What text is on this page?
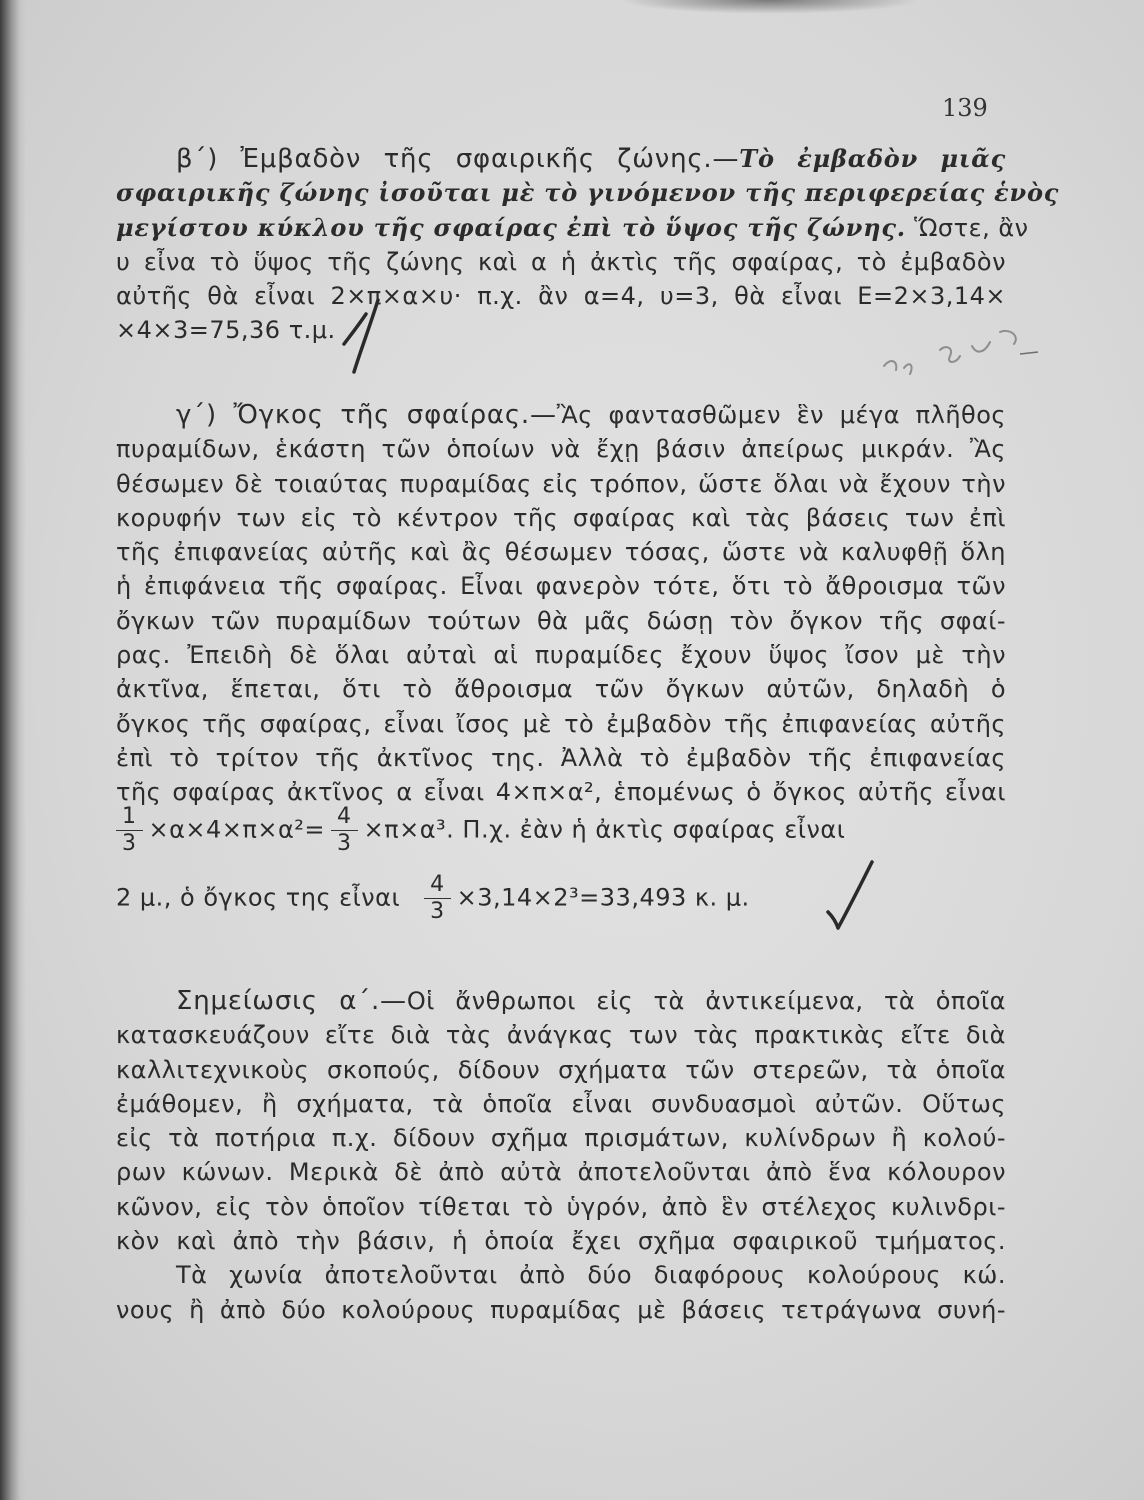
139
β΄) Ἐμβαδὸν τῆς σφαιρικῆς ζώνης.—Τὸ ἐμβαδὸν μιᾶς
σφαιρικῆς ζώνης ἰσοῦται μὲ τὸ γινόμενον τῆς περιφερείας ἑνὸς
μεγίστου κύκλου τῆς σφαίρας ἐπὶ τὸ ὕψος τῆς ζώνης. Ὥστε, ἂν
υ εἶνα τὸ ὕψος τῆς ζώνης καὶ α ἡ ἀκτὶς τῆς σφαίρας, τὸ ἐμβαδὸν
αὐτῆς θὰ εἶναι 2×π×α×υ· π.χ. ἂν α=4, υ=3, θὰ εἶναι Ε=2×3,14×
×4×3=75,36 τ.μ.
γ΄) Ὄγκος τῆς σφαίρας.—Ἂς φαντασθῶμεν ἓν μέγα πλῆθος
πυραμίδων, ἑκάστη τῶν ὁποίων νὰ ἔχῃ βάσιν ἀπείρως μικράν. Ἂς
θέσωμεν δὲ τοιαύτας πυραμίδας εἰς τρόπον, ὥστε ὅλαι νὰ ἔχουν τὴν
κορυφήν των εἰς τὸ κέντρον τῆς σφαίρας καὶ τὰς βάσεις των ἐπὶ
τῆς ἐπιφανείας αὐτῆς καὶ ἂς θέσωμεν τόσας, ὥστε νὰ καλυφθῇ ὅλη
ἡ ἐπιφάνεια τῆς σφαίρας. Εἶναι φανερὸν τότε, ὅτι τὸ ἄθροισμα τῶν
ὄγκων τῶν πυραμίδων τούτων θὰ μᾶς δώσῃ τὸν ὄγκον τῆς σφαί-
ρας. Ἐπειδὴ δὲ ὅλαι αὐταὶ αἱ πυραμίδες ἔχουν ὕψος ἴσον μὲ τὴν
ἀκτῖνα, ἕπεται, ὅτι τὸ ἄθροισμα τῶν ὄγκων αὐτῶν, δηλαδὴ ὁ
ὄγκος τῆς σφαίρας, εἶναι ἴσος μὲ τὸ ἐμβαδὸν τῆς ἐπιφανείας αὐτῆς
ἐπὶ τὸ τρίτον τῆς ἀκτῖνος της. Ἀλλὰ τὸ ἐμβαδὸν τῆς ἐπιφανείας
τῆς σφαίρας ἀκτῖνος α εἶναι 4×π×α², ἑπομένως ὁ ὄγκος αὐτῆς εἶναι
$\frac{1}{3} \times\alpha\times 4\times\pi\times\alpha^2= \frac{4}{3} \times\pi\times\alpha^3$. Π.χ. ἐὰν ἡ ἀκτὶς σφαίρας εἶναι
2 μ., ὁ ὄγκος της εἶναι $\frac{4}{3} \times 3,14\times 2^3=33,493$ κ. μ.
Σημείωσις α΄.—Οἱ ἄνθρωποι εἰς τὰ ἀντικείμενα, τὰ ὁποῖα
κατασκευάζουν εἴτε διὰ τὰς ἀνάγκας των τὰς πρακτικὰς εἴτε διὰ
καλλιτεχνικοὺς σκοπούς, δίδουν σχήματα τῶν στερεῶν, τὰ ὁποῖα
ἐμάθομεν, ἢ σχήματα, τὰ ὁποῖα εἶναι συνδυασμοὶ αὐτῶν. Οὕτως
εἰς τὰ ποτήρια π.χ. δίδουν σχῆμα πρισμάτων, κυλίνδρων ἢ κολού-
ρων κώνων. Μερικὰ δὲ ἀπὸ αὐτὰ ἀποτελοῦνται ἀπὸ ἕνα κόλουρον
κῶνον, εἰς τὸν ὁποῖον τίθεται τὸ ὑγρόν, ἀπὸ ἓν στέλεχος κυλινδρι-
κὸν καὶ ἀπὸ τὴν βάσιν, ἡ ὁποία ἔχει σχῆμα σφαιρικοῦ τμήματος.
Τὰ χωνία ἀποτελοῦνται ἀπὸ δύο διαφόρους κολούρους κώ.
νους ἢ ἀπὸ δύο κολούρους πυραμίδας μὲ βάσεις τετράγωνα συνή-
